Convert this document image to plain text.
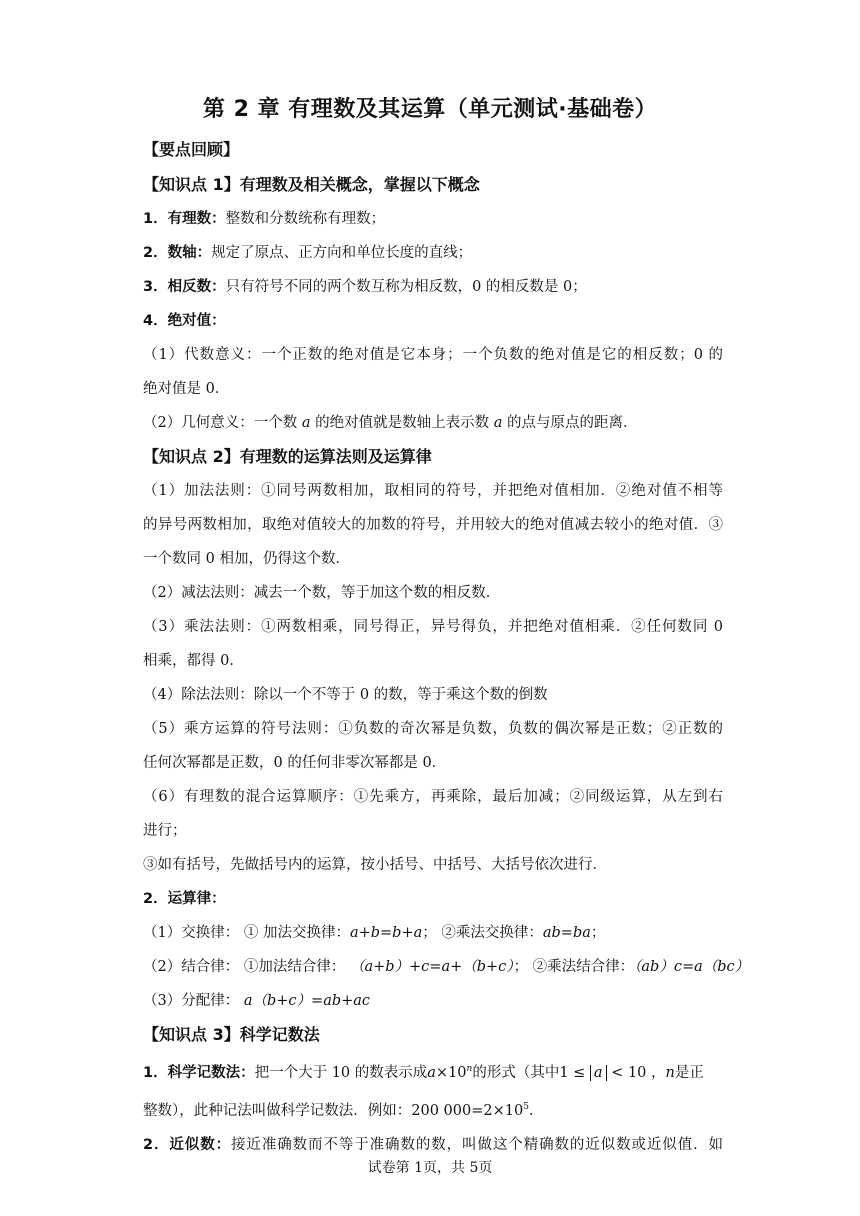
第 2 章 有理数及其运算（单元测试·基础卷）
【要点回顾】
【知识点 1】有理数及相关概念，掌握以下概念
1．有理数：整数和分数统称有理数；
2．数轴：规定了原点、正方向和单位长度的直线；
3．相反数：只有符号不同的两个数互称为相反数，0 的相反数是 0；
4．绝对值：
（1）代数意义：一个正数的绝对值是它本身；一个负数的绝对值是它的相反数；0 的
绝对值是 0．
（2）几何意义：一个数 a 的绝对值就是数轴上表示数 a 的点与原点的距离．
【知识点 2】有理数的运算法则及运算律
（1）加法法则：①同号两数相加，取相同的符号，并把绝对值相加．②绝对值不相等
的异号两数相加，取绝对值较大的加数的符号，并用较大的绝对值减去较小的绝对值．③
一个数同 0 相加，仍得这个数．
（2）减法法则：减去一个数，等于加这个数的相反数．
（3）乘法法则：①两数相乘，同号得正，异号得负，并把绝对值相乘．②任何数同 0
相乘，都得 0．
（4）除法法则：除以一个不等于 0 的数，等于乘这个数的倒数
（5）乘方运算的符号法则：①负数的奇次幂是负数，负数的偶次幂是正数；②正数的
任何次幂都是正数，0 的任何非零次幂都是 0．
（6）有理数的混合运算顺序：①先乘方，再乘除，最后加减；②同级运算，从左到右
进行；
③如有括号，先做括号内的运算，按小括号、中括号、大括号依次进行．
2．运算律：
（1）交换律： ① 加法交换律：a+b=b+a； ②乘法交换律：ab=ba；
（2）结合律： ①加法结合律： （a+b）+c=a+（b+c）； ②乘法结合律：（ab）c=a（bc）
（3）分配律： a（b+c）=ab+ac
【知识点 3】科学记数法
1．科学记数法：把一个大于 10 的数表示成$a\times 10^n$的形式（其中1 ≤ a < 10 ，n是正
整数），此种记法叫做科学记数法．例如：200 $000=2\times 10^5$．
2．近似数：接近准确数而不等于准确数的数，叫做这个精确数的近似数或近似值．如
试卷第 1页，共 5页
